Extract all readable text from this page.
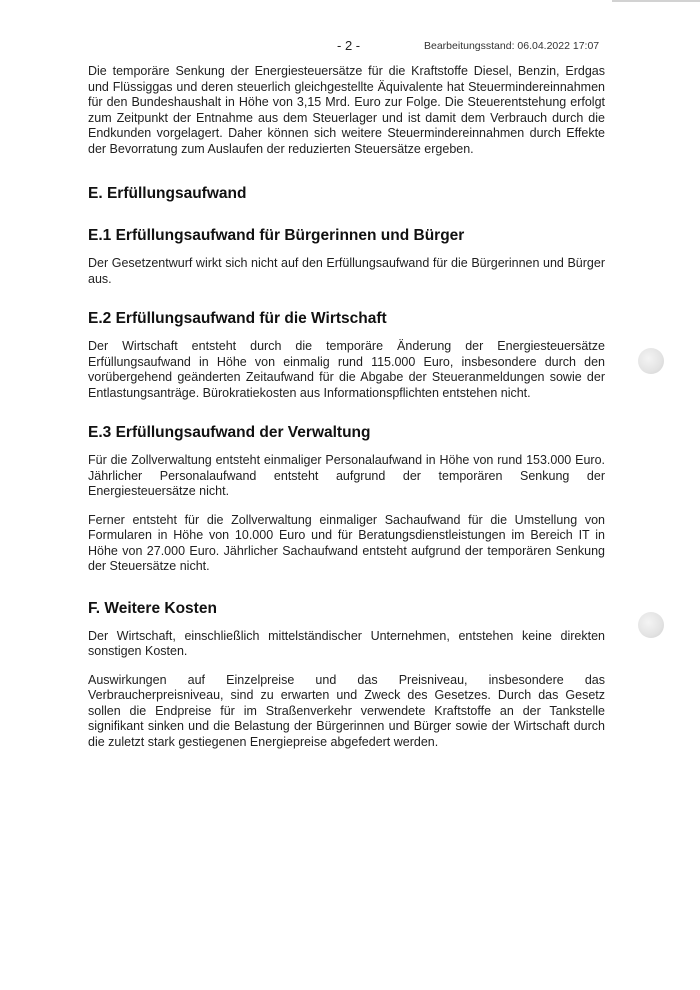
- 2 -	Bearbeitungsstand: 06.04.2022 17:07

Die temporäre Senkung der Energiesteuersätze für die Kraftstoffe Diesel, Benzin, Erdgas und Flüssiggas und deren steuerlich gleichgestellte Äquivalente hat Steuermindereinnahmen für den Bundeshaushalt in Höhe von 3,15 Mrd. Euro zur Folge. Die Steuerentstehung erfolgt zum Zeitpunkt der Entnahme aus dem Steuerlager und ist damit dem Verbrauch durch die Endkunden vorgelagert. Daher können sich weitere Steuermindereinnahmen durch Effekte der Bevorratung zum Auslaufen der reduzierten Steuersätze ergeben.

E. Erfüllungsaufwand
E.1 Erfüllungsaufwand für Bürgerinnen und Bürger

Der Gesetzentwurf wirkt sich nicht auf den Erfüllungsaufwand für die Bürgerinnen und Bürger aus.

E.2 Erfüllungsaufwand für die Wirtschaft

Der Wirtschaft entsteht durch die temporäre Änderung der Energiesteuersätze Erfüllungsaufwand in Höhe von einmalig rund 115.000 Euro, insbesondere durch den vorübergehend geänderten Zeitaufwand für die Abgabe der Steueranmeldungen sowie der Entlastungsanträge. Bürokratiekosten aus Informationspflichten entstehen nicht.

E.3 Erfüllungsaufwand der Verwaltung

Für die Zollverwaltung entsteht einmaliger Personalaufwand in Höhe von rund 153.000 Euro. Jährlicher Personalaufwand entsteht aufgrund der temporären Senkung der Energiesteuersätze nicht.

Ferner entsteht für die Zollverwaltung einmaliger Sachaufwand für die Umstellung von Formularen in Höhe von 10.000 Euro und für Beratungsdienstleistungen im Bereich IT in Höhe von 27.000 Euro. Jährlicher Sachaufwand entsteht aufgrund der temporären Senkung der Steuersätze nicht.

F. Weitere Kosten

Der Wirtschaft, einschließlich mittelständischer Unternehmen, entstehen keine direkten sonstigen Kosten.

Auswirkungen auf Einzelpreise und das Preisniveau, insbesondere das Verbraucherpreisniveau, sind zu erwarten und Zweck des Gesetzes. Durch das Gesetz sollen die Endpreise für im Straßenverkehr verwendete Kraftstoffe an der Tankstelle signifikant sinken und die Belastung der Bürgerinnen und Bürger sowie der Wirtschaft durch die zuletzt stark gestiegenen Energiepreise abgefedert werden.
